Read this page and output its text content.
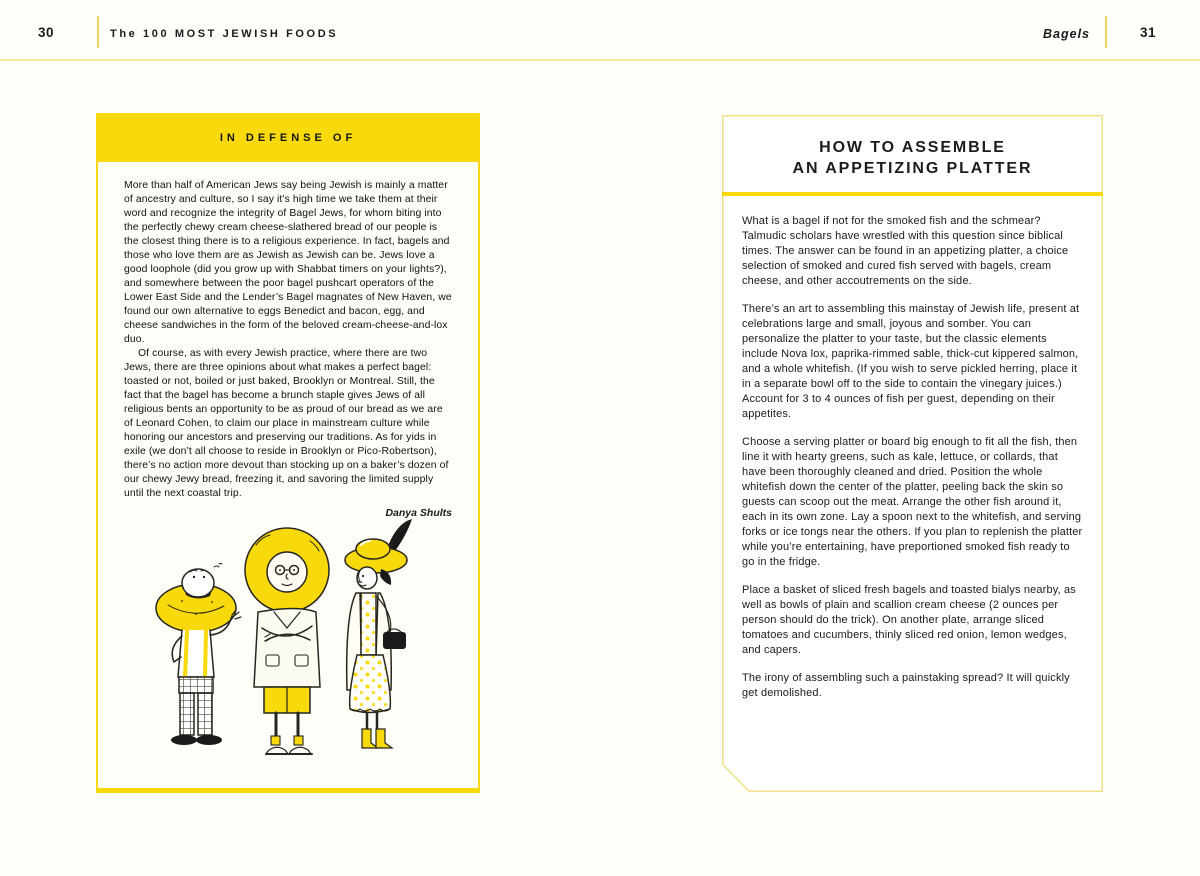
30	The 100 MOST JEWISH FOODS	Bagels	31
IN DEFENSE OF

More than half of American Jews say being Jewish is mainly a matter of ancestry and culture, so I say it’s high time we take them at their word and recognize the integrity of Bagel Jews, for whom biting into the perfectly chewy cream cheese-slathered bread of our people is the closest thing there is to a religious experience. In fact, bagels and those who love them are as Jewish as Jewish can be. Jews love a good loophole (did you grow up with Shabbat timers on your lights?), and somewhere between the poor bagel pushcart operators of the Lower East Side and the Lender’s Bagel magnates of New Haven, we found our own alternative to eggs Benedict and bacon, egg, and cheese sandwiches in the form of the beloved cream-cheese-and-lox duo.

Of course, as with every Jewish practice, where there are two Jews, there are three opinions about what makes a perfect bagel: toasted or not, boiled or just baked, Brooklyn or Montreal. Still, the fact that the bagel has become a brunch staple gives Jews of all religious bents an opportunity to be as proud of our bread as we are of Leonard Cohen, to claim our place in mainstream culture while honoring our ancestors and preserving our traditions. As for yids in exile (we don’t all choose to reside in Brooklyn or Pico-Robertson), there’s no action more devout than stocking up on a baker’s dozen of our chewy Jewy bread, freezing it, and savoring the limited supply until the next coastal trip.

Danya Shults
HOW TO ASSEMBLE
AN APPETIZING PLATTER

What is a bagel if not for the smoked fish and the schmear? Talmudic scholars have wrestled with this question since biblical times. The answer can be found in an appetizing platter, a choice selection of smoked and cured fish served with bagels, cream cheese, and other accoutrements on the side.

There’s an art to assembling this mainstay of Jewish life, present at celebrations large and small, joyous and somber. You can personalize the platter to your taste, but the classic elements include Nova lox, paprika-rimmed sable, thick-cut kippered salmon, and a whole whitefish. (If you wish to serve pickled herring, place it in a separate bowl off to the side to contain the vinegary juices.) Account for 3 to 4 ounces of fish per guest, depending on their appetites.

Choose a serving platter or board big enough to fit all the fish, then line it with hearty greens, such as kale, lettuce, or collards, that have been thoroughly cleaned and dried. Position the whole whitefish down the center of the platter, peeling back the skin so guests can scoop out the meat. Arrange the other fish around it, each in its own zone. Lay a spoon next to the whitefish, and serving forks or ice tongs near the others. If you plan to replenish the platter while you’re entertaining, have preportioned smoked fish ready to go in the fridge.

Place a basket of sliced fresh bagels and toasted bialys nearby, as well as bowls of plain and scallion cream cheese (2 ounces per person should do the trick). On another plate, arrange sliced tomatoes and cucumbers, thinly sliced red onion, lemon wedges, and capers.

The irony of assembling such a painstaking spread? It will quickly get demolished.
